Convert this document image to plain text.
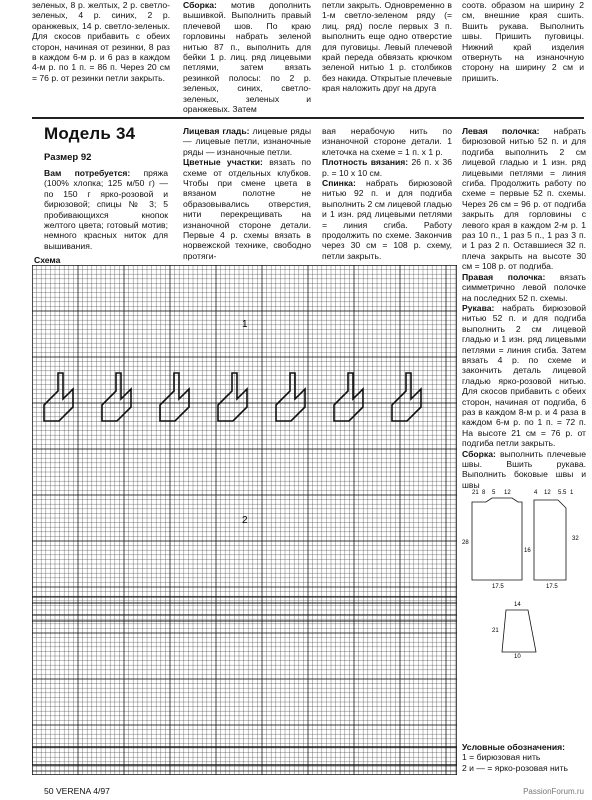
зеленых, 8 р. желтых, 2 р. светло-зеленых, 4 р. синих, 2 р. оранжевых, 14 р. светло-зеленых. Для скосов прибавить с обеих сторон, начиная от резинки, 8 раз в каждом 6-м р. и 6 раз в каждом 4-м р. по 1 п. = 86 п. Через 20 см = 76 р. от резинки петли закрыть.

Сборка: мотив дополнить вышивкой. Выполнить правый плечевой шов. По краю горловины набрать зеленой нитью 87 п., выполнить для бейки 1 р. лиц. ряд лицевыми петлями, затем вязать резинкой полосы: по 2 р. зеленых, синих, светло-зеленых, зеленых и оранжевых. Затем

петли закрыть. Одновременно в 1-м светло-зеленом ряду (= лиц. ряд) после первых 3 п. выполнить еще одно отверстие для пуговицы. Левый плечевой край переда обвязать крючком зеленой нитью 1 р. столбиков без накида. Открытые плечевые края наложить друг на друга

соотв. образом на ширину 2 см, внешние края сшить. Вшить рукава. Выполнить швы. Пришить пуговицы. Нижний край изделия отвернуть на изнаночную сторону на ширину 2 см и пришить.

Модель 34
Размер 92

Вам потребуется: пряжа (100% хлопка; 125 м/50 г) — по 150 г ярко-розовой и бирюзовой; спицы № 3; 5 пробивающихся кнопок желтого цвета; готовый мотив; немного красных ниток для вышивания.

Лицевая гладь: лицевые ряды — лицевые петли, изнаночные ряды — изнаночные петли.

Цветные участки: вязать по схеме от отдельных клубков. Чтобы при смене цвета в вязаном полотне не образовывались отверстия, нити перекрещивать на изнаночной стороне детали. Первые 4 р. схемы вязать в норвежской технике, свободно протяги-

вая нерабочую нить по изнаночной стороне детали. 1 клеточка на схеме = 1 п. х 1 р.

Плотность вязания: 26 п. х 36 р. = 10 х 10 см.

Спинка: набрать бирюзовой нитью 92 п. и для подгиба выполнить 2 см лицевой гладью и 1 изн. ряд лицевыми петлями = линия сгиба. Работу продолжить по схеме. Закончив через 30 см = 108 р. схему, петли закрыть.

Левая полочка: набрать бирюзовой нитью 52 п. и для подгиба выполнить 2 см лицевой гладью и 1 изн. ряд лицевыми петлями = линия сгиба. Продолжить работу по схеме = первые 52 п. схемы. Через 26 см = 96 р. от подгиба закрыть для горловины с левого края в каждом 2-м р. 1 раз 10 п., 1 раз 5 п., 1 раз 3 п. и 1 раз 2 п. Оставшиеся 32 п. плеча закрыть на высоте 30 см = 108 р. от подгиба.

Правая полочка: вязать симметрично левой полочке на последних 52 п. схемы.

Рукава: набрать бирюзовой нитью 52 п. и для подгиба выполнить 2 см лицевой гладью и 1 изн. ряд лицевыми петлями = линия сгиба. Затем вязать 4 р. по схеме и закончить деталь лицевой гладью ярко-розовой нитью. Для скосов прибавить с обеих сторон, начиная от подгиба, 6 раз в каждом 8-м р. и 4 раза в каждом 6-м р. по 1 п. = 72 п. На высоте 21 см = 76 р. от подгиба петли закрыть.

Сборка: выполнить плечевые швы. Вшить рукава. Выполнить боковые швы и швы

Схема
1
2
21 8 5 12	4 12 5.5 1
28
32
16
17.5	17.5
14
10
21
Условные обозначения:
1 = бирюзовая нить
2 и — = ярко-розовая нить
50 VERENA 4/97	PassionForum.ru
